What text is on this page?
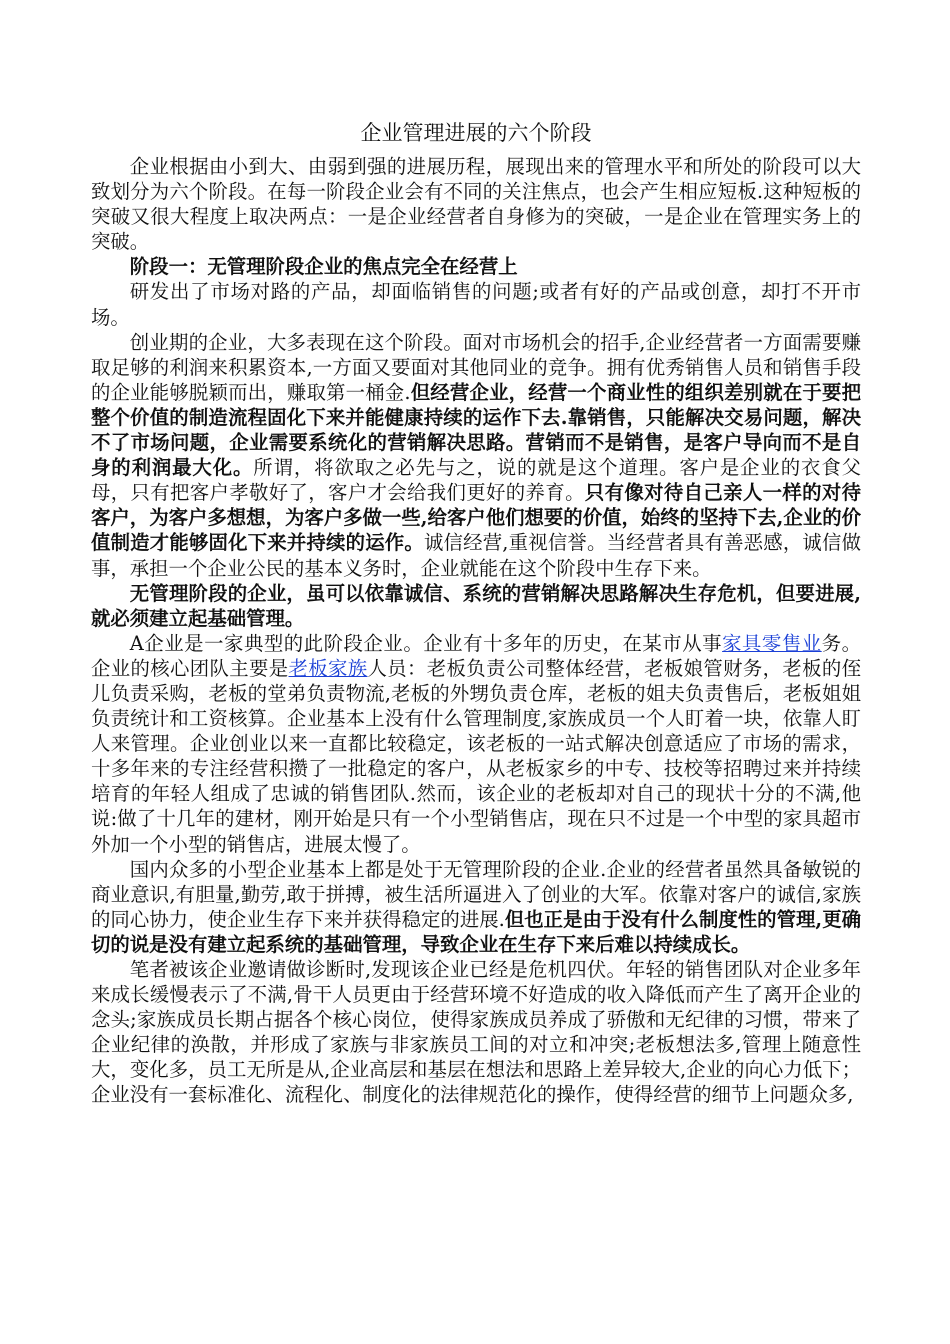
企业管理进展的六个阶段

企业根据由小到大、由弱到强的进展历程，展现出来的管理水平和所处的阶段可以大致划分为六个阶段。在每一阶段企业会有不同的关注焦点，也会产生相应短板.这种短板的突破又很大程度上取决两点：一是企业经营者自身修为的突破，一是企业在管理实务上的突破。

阶段一：无管理阶段企业的焦点完全在经营上

研发出了市场对路的产品，却面临销售的问题;或者有好的产品或创意，却打不开市场。

创业期的企业，大多表现在这个阶段。面对市场机会的招手,企业经营者一方面需要赚取足够的利润来积累资本,一方面又要面对其他同业的竞争。拥有优秀销售人员和销售手段的企业能够脱颖而出，赚取第一桶金.但经营企业，经营一个商业性的组织差别就在于要把整个价值的制造流程固化下来并能健康持续的运作下去.靠销售，只能解决交易问题，解决不了市场问题，企业需要系统化的营销解决思路。营销而不是销售，是客户导向而不是自身的利润最大化。所谓，将欲取之必先与之，说的就是这个道理。客户是企业的衣食父母，只有把客户孝敬好了，客户才会给我们更好的养育。只有像对待自己亲人一样的对待客户，为客户多想想，为客户多做一些,给客户他们想要的价值，始终的坚持下去,企业的价值制造才能够固化下来并持续的运作。诚信经营,重视信誉。当经营者具有善恶感，诚信做事，承担一个企业公民的基本义务时，企业就能在这个阶段中生存下来。

无管理阶段的企业，虽可以依靠诚信、系统的营销解决思路解决生存危机，但要进展,就必须建立起基础管理。

A企业是一家典型的此阶段企业。企业有十多年的历史，在某市从事家具零售业务。企业的核心团队主要是老板家族人员：老板负责公司整体经营，老板娘管财务，老板的侄儿负责采购，老板的堂弟负责物流,老板的外甥负责仓库，老板的姐夫负责售后，老板姐姐负责统计和工资核算。企业基本上没有什么管理制度,家族成员一个人盯着一块，依靠人盯人来管理。企业创业以来一直都比较稳定，该老板的一站式解决创意适应了市场的需求，十多年来的专注经营积攒了一批稳定的客户，从老板家乡的中专、技校等招聘过来并持续培育的年轻人组成了忠诚的销售团队.然而，该企业的老板却对自己的现状十分的不满,他说:做了十几年的建材，刚开始是只有一个小型销售店，现在只不过是一个中型的家具超市外加一个小型的销售店，进展太慢了。

国内众多的小型企业基本上都是处于无管理阶段的企业.企业的经营者虽然具备敏锐的商业意识,有胆量,勤劳,敢于拼搏，被生活所逼进入了创业的大军。依靠对客户的诚信,家族的同心协力，使企业生存下来并获得稳定的进展.但也正是由于没有什么制度性的管理,更确切的说是没有建立起系统的基础管理，导致企业在生存下来后难以持续成长。

笔者被该企业邀请做诊断时,发现该企业已经是危机四伏。年轻的销售团队对企业多年来成长缓慢表示了不满,骨干人员更由于经营环境不好造成的收入降低而产生了离开企业的念头;家族成员长期占据各个核心岗位，使得家族成员养成了骄傲和无纪律的习惯，带来了企业纪律的涣散，并形成了家族与非家族员工间的对立和冲突;老板想法多,管理上随意性大，变化多，员工无所是从,企业高层和基层在想法和思路上差异较大,企业的向心力低下；企业没有一套标准化、流程化、制度化的法律规范化的操作，使得经营的细节上问题众多,
